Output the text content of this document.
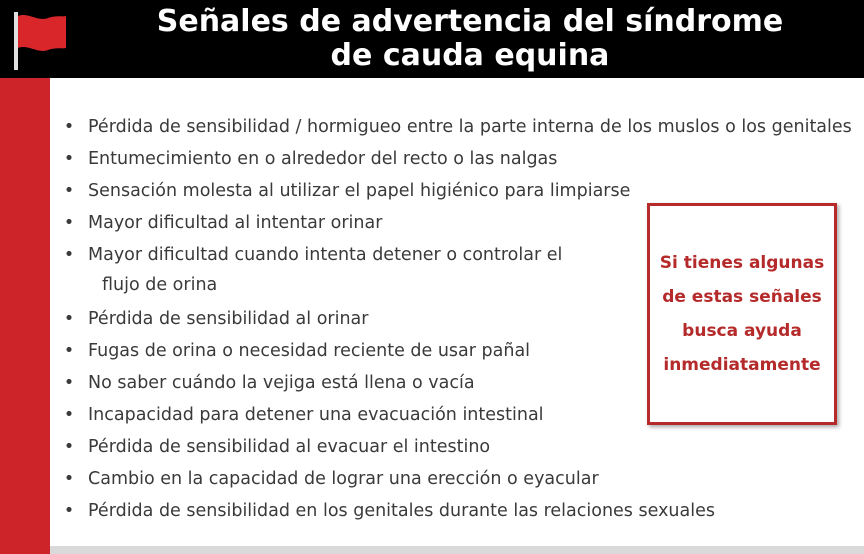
Señales de advertencia del síndrome
de cauda equina
• Pérdida de sensibilidad / hormigueo entre la parte interna de los muslos o los genitales
• Entumecimiento en o alrededor del recto o las nalgas
• Sensación molesta al utilizar el papel higiénico para limpiarse
• Mayor dificultad al intentar orinar
• Mayor dificultad cuando intenta detener o controlar el
flujo de orina
• Pérdida de sensibilidad al orinar
• Fugas de orina o necesidad reciente de usar pañal
• No saber cuándo la vejiga está llena o vacía
• Incapacidad para detener una evacuación intestinal
• Pérdida de sensibilidad al evacuar el intestino
• Cambio en la capacidad de lograr una erección o eyacular
• Pérdida de sensibilidad en los genitales durante las relaciones sexuales
Si tienes algunas
de estas señales
busca ayuda
inmediatamente
